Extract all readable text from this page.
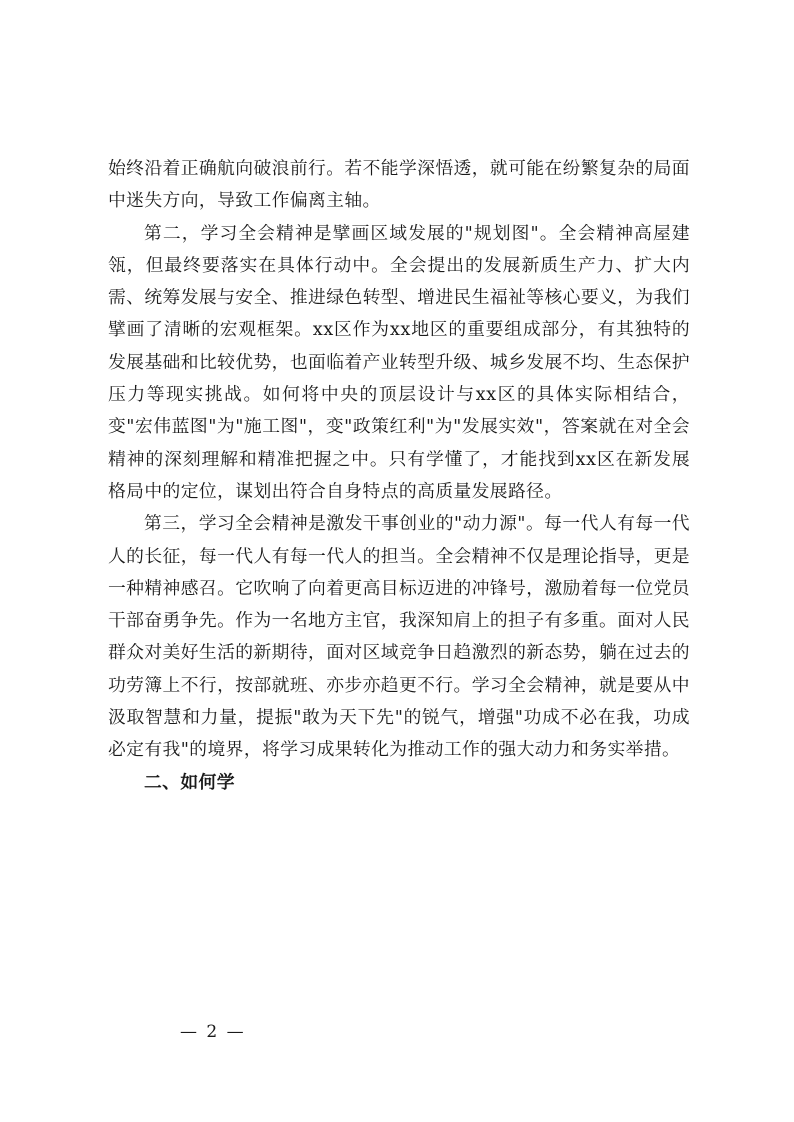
始终沿着正确航向破浪前行。若不能学深悟透，就可能在纷繁复杂的局面中迷失方向，导致工作偏离主轴。

第二，学习全会精神是擘画区域发展的"规划图"。全会精神高屋建瓴，但最终要落实在具体行动中。全会提出的发展新质生产力、扩大内需、统筹发展与安全、推进绿色转型、增进民生福祉等核心要义，为我们擘画了清晰的宏观框架。xx区作为xx地区的重要组成部分，有其独特的发展基础和比较优势，也面临着产业转型升级、城乡发展不均、生态保护压力等现实挑战。如何将中央的顶层设计与xx区的具体实际相结合，变"宏伟蓝图"为"施工图"，变"政策红利"为"发展实效"，答案就在对全会精神的深刻理解和精准把握之中。只有学懂了，才能找到xx区在新发展格局中的定位，谋划出符合自身特点的高质量发展路径。

第三，学习全会精神是激发干事创业的"动力源"。每一代人有每一代人的长征，每一代人有每一代人的担当。全会精神不仅是理论指导，更是一种精神感召。它吹响了向着更高目标迈进的冲锋号，激励着每一位党员干部奋勇争先。作为一名地方主官，我深知肩上的担子有多重。面对人民群众对美好生活的新期待，面对区域竞争日趋激烈的新态势，躺在过去的功劳簿上不行，按部就班、亦步亦趋更不行。学习全会精神，就是要从中汲取智慧和力量，提振"敢为天下先"的锐气，增强"功成不必在我，功成必定有我"的境界，将学习成果转化为推动工作的强大动力和务实举措。

二、如何学

— 2 —
